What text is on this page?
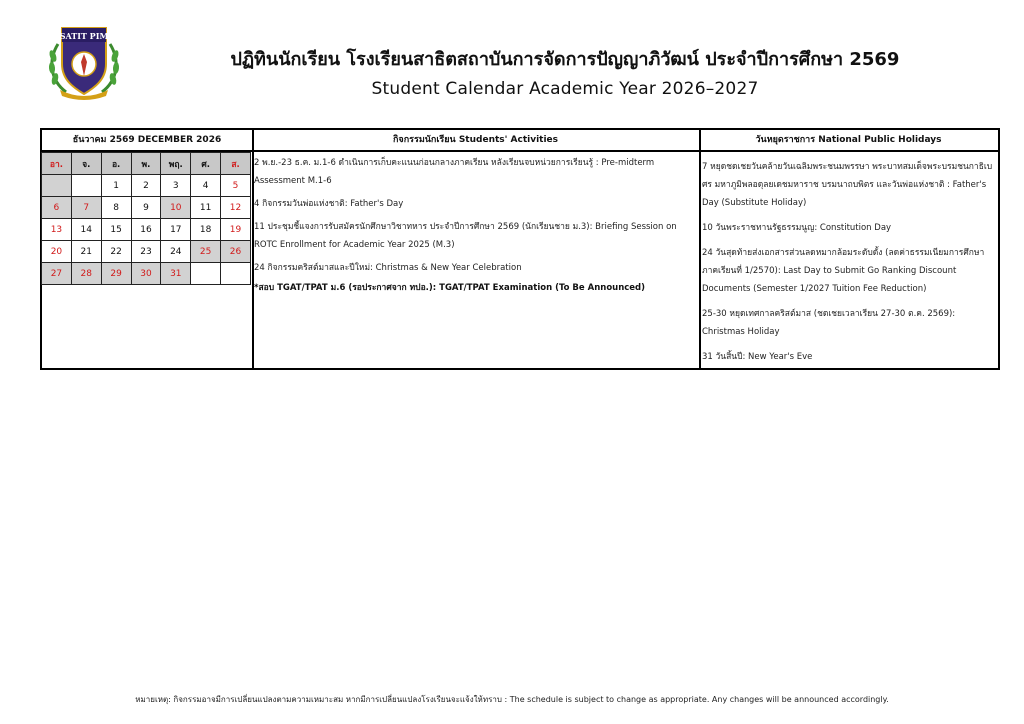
SATIT PIM
ปฏิทินนักเรียน โรงเรียนสาธิตสถาบันการจัดการปัญญาภิวัฒน์ ประจำปีการศึกษา 2569
Student Calendar Academic Year 2026–2027
ธันวาคม 2569 DECEMBER 2026
อา.	จ.	อ.	พ.	พฤ.	ศ.	ส.
		1	2	3	4	5
6	7	8	9	10	11	12
13	14	15	16	17	18	19
20	21	22	23	24	25	26
27	28	29	30	31		
กิจกรรมนักเรียน Students' Activities
2 พ.ย.-23 ธ.ค. ม.1-6 ดำเนินการเก็บคะแนนก่อนกลางภาคเรียน หลังเรียนจบหน่วยการเรียนรู้ : Pre-midterm Assessment M.1-6
4 กิจกรรมวันพ่อแห่งชาติ: Father's Day
11 ประชุมชี้แจงการรับสมัครนักศึกษาวิชาทหาร ประจำปีการศึกษา 2569 (นักเรียนชาย ม.3): Briefing Session on ROTC Enrollment for Academic Year 2025 (M.3)
24 กิจกรรมคริสต์มาสและปีใหม่: Christmas & New Year Celebration
*สอบ TGAT/TPAT ม.6 (รอประกาศจาก ทปอ.): TGAT/TPAT Examination (To Be Announced)
วันหยุดราชการ National Public Holidays
7 หยุดชดเชยวันคล้ายวันเฉลิมพระชนมพรรษา พระบาทสมเด็จพระบรมชนกาธิเบศร มหาภูมิพลอดุลยเดชมหาราช บรมนาถบพิตร และวันพ่อแห่งชาติ : Father's Day (Substitute Holiday)
10 วันพระราชทานรัฐธรรมนูญ: Constitution Day
24 วันสุดท้ายส่งเอกสารส่วนลดหมากล้อมระดับดั้ง (ลดค่าธรรมเนียมการศึกษา ภาคเรียนที่ 1/2570): Last Day to Submit Go Ranking Discount Documents (Semester 1/2027 Tuition Fee Reduction)
25-30 หยุดเทศกาลคริสต์มาส (ชดเชยเวลาเรียน 27-30 ต.ค. 2569): Christmas Holiday
31 วันสิ้นปี: New Year's Eve
หมายเหตุ: กิจกรรมอาจมีการเปลี่ยนแปลงตามความเหมาะสม หากมีการเปลี่ยนแปลงโรงเรียนจะแจ้งให้ทราบ : The schedule is subject to change as appropriate. Any changes will be announced accordingly.
